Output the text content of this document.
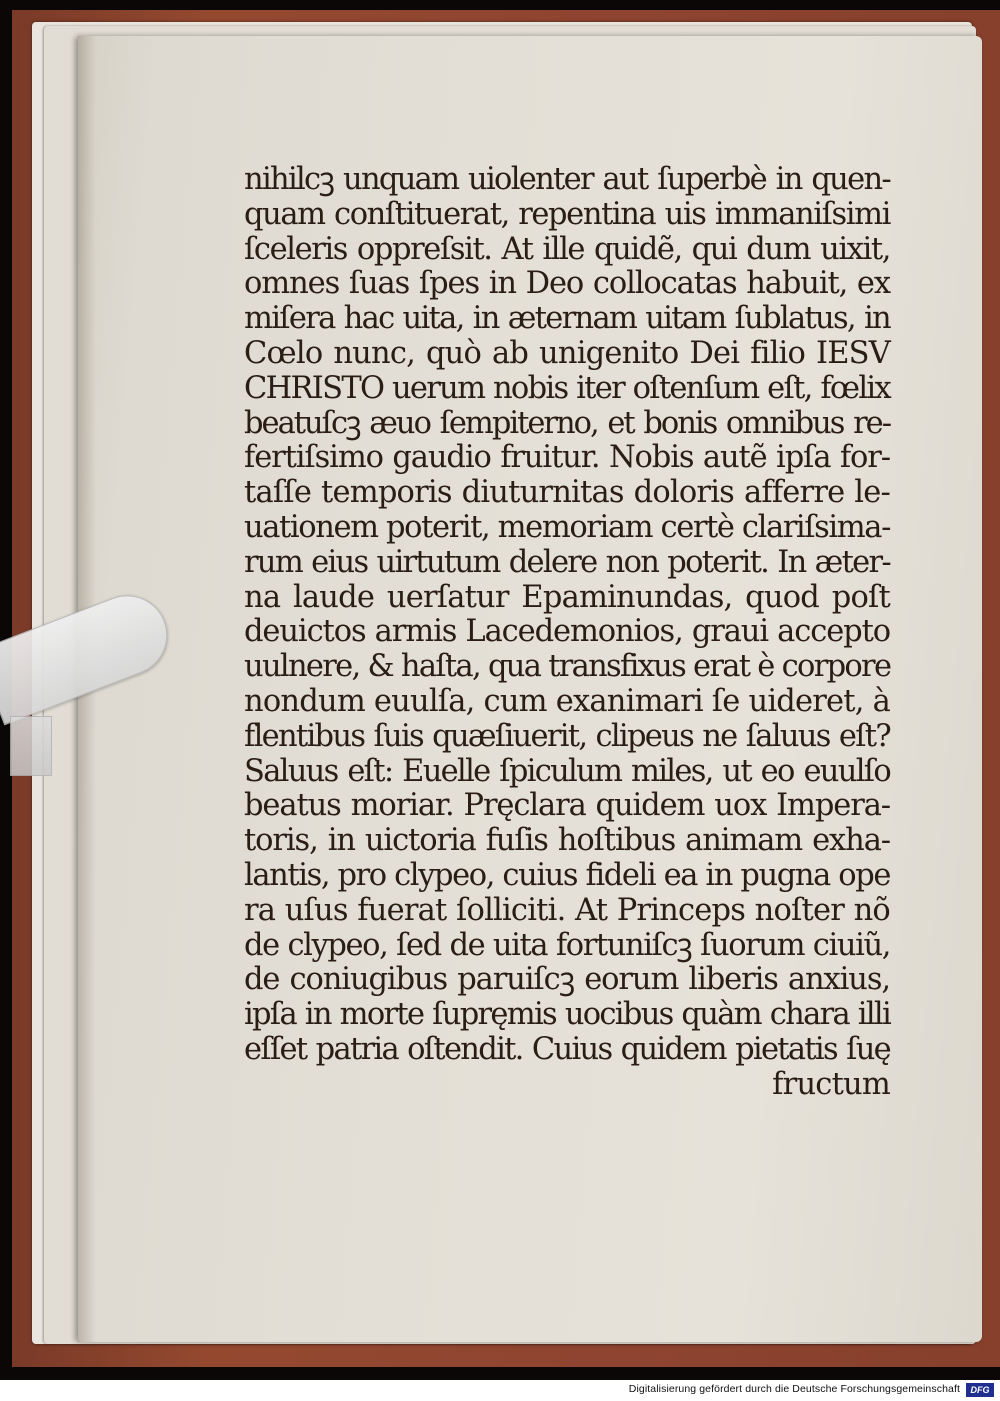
nihilcꝫ unquam uiolenter aut ſuperbè in quen-
quam conſtituerat, repentina uis immaniſsimi
ſceleris oppreſsit. At ille quidẽ, qui dum uixit,
omnes ſuas ſpes in Deo collocatas habuit, ex
miſera hac uita, in æternam uitam ſublatus, in
Cœlo nunc, quò ab unigenito Dei filio IESV
CHRISTO uerum nobis iter oſtenſum eſt, fœlix
beatuſcꝫ æuo ſempiterno, et bonis omnibus re-
fertiſsimo gaudio fruitur. Nobis autẽ ipſa for-
taſſe temporis diuturnitas doloris afferre le-
uationem poterit, memoriam certè clariſsima-
rum eius uirtutum delere non poterit. In æter-
na laude uerſatur Epaminundas, quod poſt
deuictos armis Lacedemonios, graui accepto
uulnere, & haſta, qua transfixus erat è corpore
nondum euulſa, cum exanimari ſe uideret, à
flentibus ſuis quæſiuerit, clipeus ne ſaluus eſt?
Saluus eſt: Euelle ſpiculum miles, ut eo euulſo
beatus moriar. Pręclara quidem uox Impera-
toris, in uictoria fuſis hoſtibus animam exha-
lantis, pro clypeo, cuius fideli ea in pugna ope
ra uſus fuerat ſolliciti. At Princeps noſter nõ
de clypeo, ſed de uita fortuniſcꝫ ſuorum ciuiũ,
de coniugibus paruiſcꝫ eorum liberis anxius,
ipſa in morte ſupręmis uocibus quàm chara illi
eſſet patria oſtendit. Cuius quidem pietatis ſuę
fructum
Digitalisierung gefördert durch die Deutsche Forschungsgemeinschaft	DFG
